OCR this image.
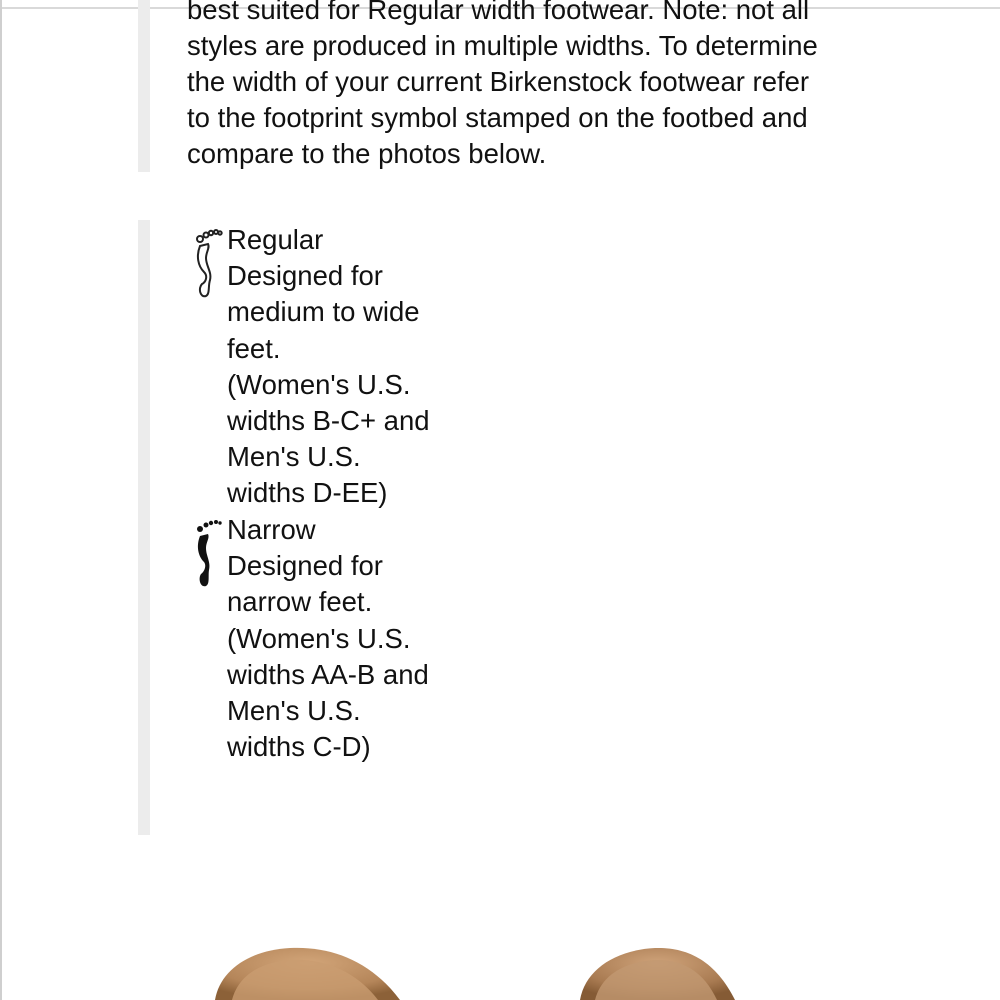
best suited for Regular width footwear. Note: not all
styles are produced in multiple widths. To determine
the width of your current Birkenstock footwear refer
to the footprint symbol stamped on the footbed and
compare to the photos below.
Regular
Designed for
medium to wide
feet.
(Women's U.S.
widths B-C+ and
Men's U.S.
widths D-EE)
Narrow
Designed for
narrow feet.
(Women's U.S.
widths AA-B and
Men's U.S.
widths C-D)
